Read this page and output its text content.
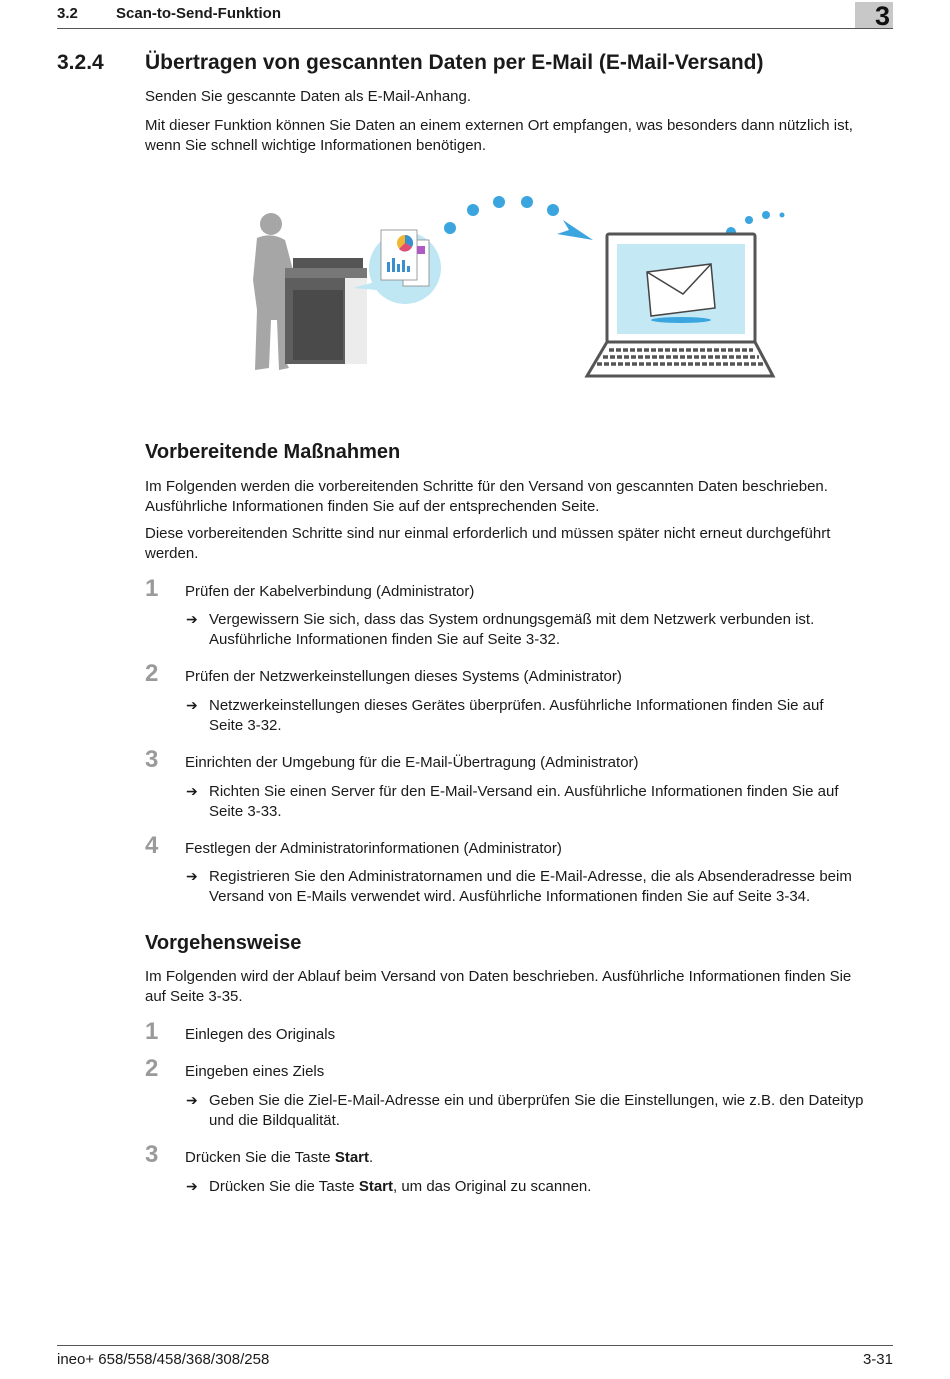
3.2	Scan-to-Send-Funktion	3
3.2.4 Übertragen von gescannten Daten per E-Mail (E-Mail-Versand)
Senden Sie gescannte Daten als E-Mail-Anhang.
Mit dieser Funktion können Sie Daten an einem externen Ort empfangen, was besonders dann nützlich ist,
wenn Sie schnell wichtige Informationen benötigen.
Vorbereitende Maßnahmen
Im Folgenden werden die vorbereitenden Schritte für den Versand von gescannten Daten beschrieben.
Ausführliche Informationen finden Sie auf der entsprechenden Seite.
Diese vorbereitenden Schritte sind nur einmal erforderlich und müssen später nicht erneut durchgeführt
werden.
1 Prüfen der Kabelverbindung (Administrator)
➔ Vergewissern Sie sich, dass das System ordnungsgemäß mit dem Netzwerk verbunden ist.
Ausführliche Informationen finden Sie auf Seite 3-32.
2 Prüfen der Netzwerkeinstellungen dieses Systems (Administrator)
➔ Netzwerkeinstellungen dieses Gerätes überprüfen. Ausführliche Informationen finden Sie auf
Seite 3-32.
3 Einrichten der Umgebung für die E-Mail-Übertragung (Administrator)
➔ Richten Sie einen Server für den E-Mail-Versand ein. Ausführliche Informationen finden Sie auf
Seite 3-33.
4 Festlegen der Administratorinformationen (Administrator)
➔ Registrieren Sie den Administratornamen und die E-Mail-Adresse, die als Absenderadresse beim
Versand von E-Mails verwendet wird. Ausführliche Informationen finden Sie auf Seite 3-34.
Vorgehensweise
Im Folgenden wird der Ablauf beim Versand von Daten beschrieben. Ausführliche Informationen finden Sie
auf Seite 3-35.
1 Einlegen des Originals
2 Eingeben eines Ziels
➔ Geben Sie die Ziel-E-Mail-Adresse ein und überprüfen Sie die Einstellungen, wie z.B. den Dateityp
und die Bildqualität.
3 Drücken Sie die Taste Start.
➔ Drücken Sie die Taste Start, um das Original zu scannen.
ineo+ 658/558/458/368/308/258	3-31
